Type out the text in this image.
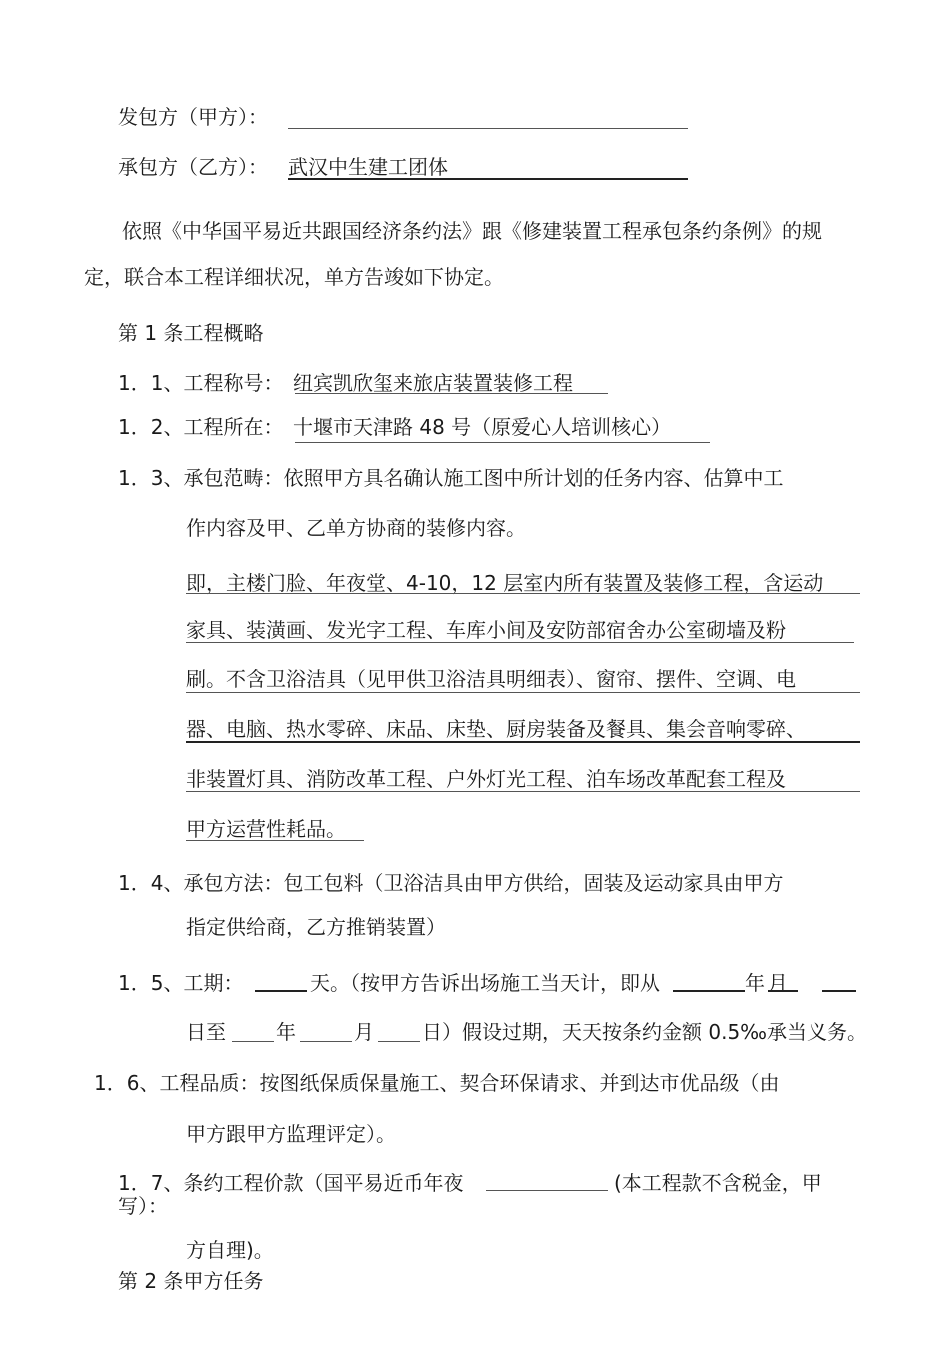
发包方（甲方）：
承包方（乙方）： 武汉中生建工团体
依照《中华国平易近共跟国经济条约法》跟《修建装置工程承包条约条例》的规
定，联合本工程详细状况，单方告竣如下协定。
第 1 条工程概略
1．1、工程称号： 纽宾凯欣玺来旅店装置装修工程
1．2、工程所在： 十堰市天津路 48 号（原爱心人培训核心）
1．3、承包范畴：依照甲方具名确认施工图中所计划的任务内容、估算中工
作内容及甲、乙单方协商的装修内容。
即，主楼门脸、年夜堂、4-10，12 层室内所有装置及装修工程，含运动
家具、装潢画、发光字工程、车库小间及安防部宿舍办公室砌墙及粉
刷。不含卫浴洁具（见甲供卫浴洁具明细表）、窗帘、摆件、空调、电
器、电脑、热水零碎、床品、床垫、厨房装备及餐具、集会音响零碎、
非装置灯具、消防改革工程、户外灯光工程、泊车场改革配套工程及
甲方运营性耗品。
1．4、承包方法：包工包料（卫浴洁具由甲方供给，固装及运动家具由甲方
指定供给商，乙方推销装置）
1．5、工期：	天。（按甲方告诉出场施工当天计，即从	年 月
日至	年	月 日）假设过期，天天按条约金额 0.5‰承当义务。
1．6、工程品质：按图纸保质保量施工、契合环保请求、并到达市优品级（由
甲方跟甲方监理评定）。
1．7、条约工程价款（国平易近币年夜	(本工程款不含税金，甲
写）：
方自理)。
第 2 条甲方任务
